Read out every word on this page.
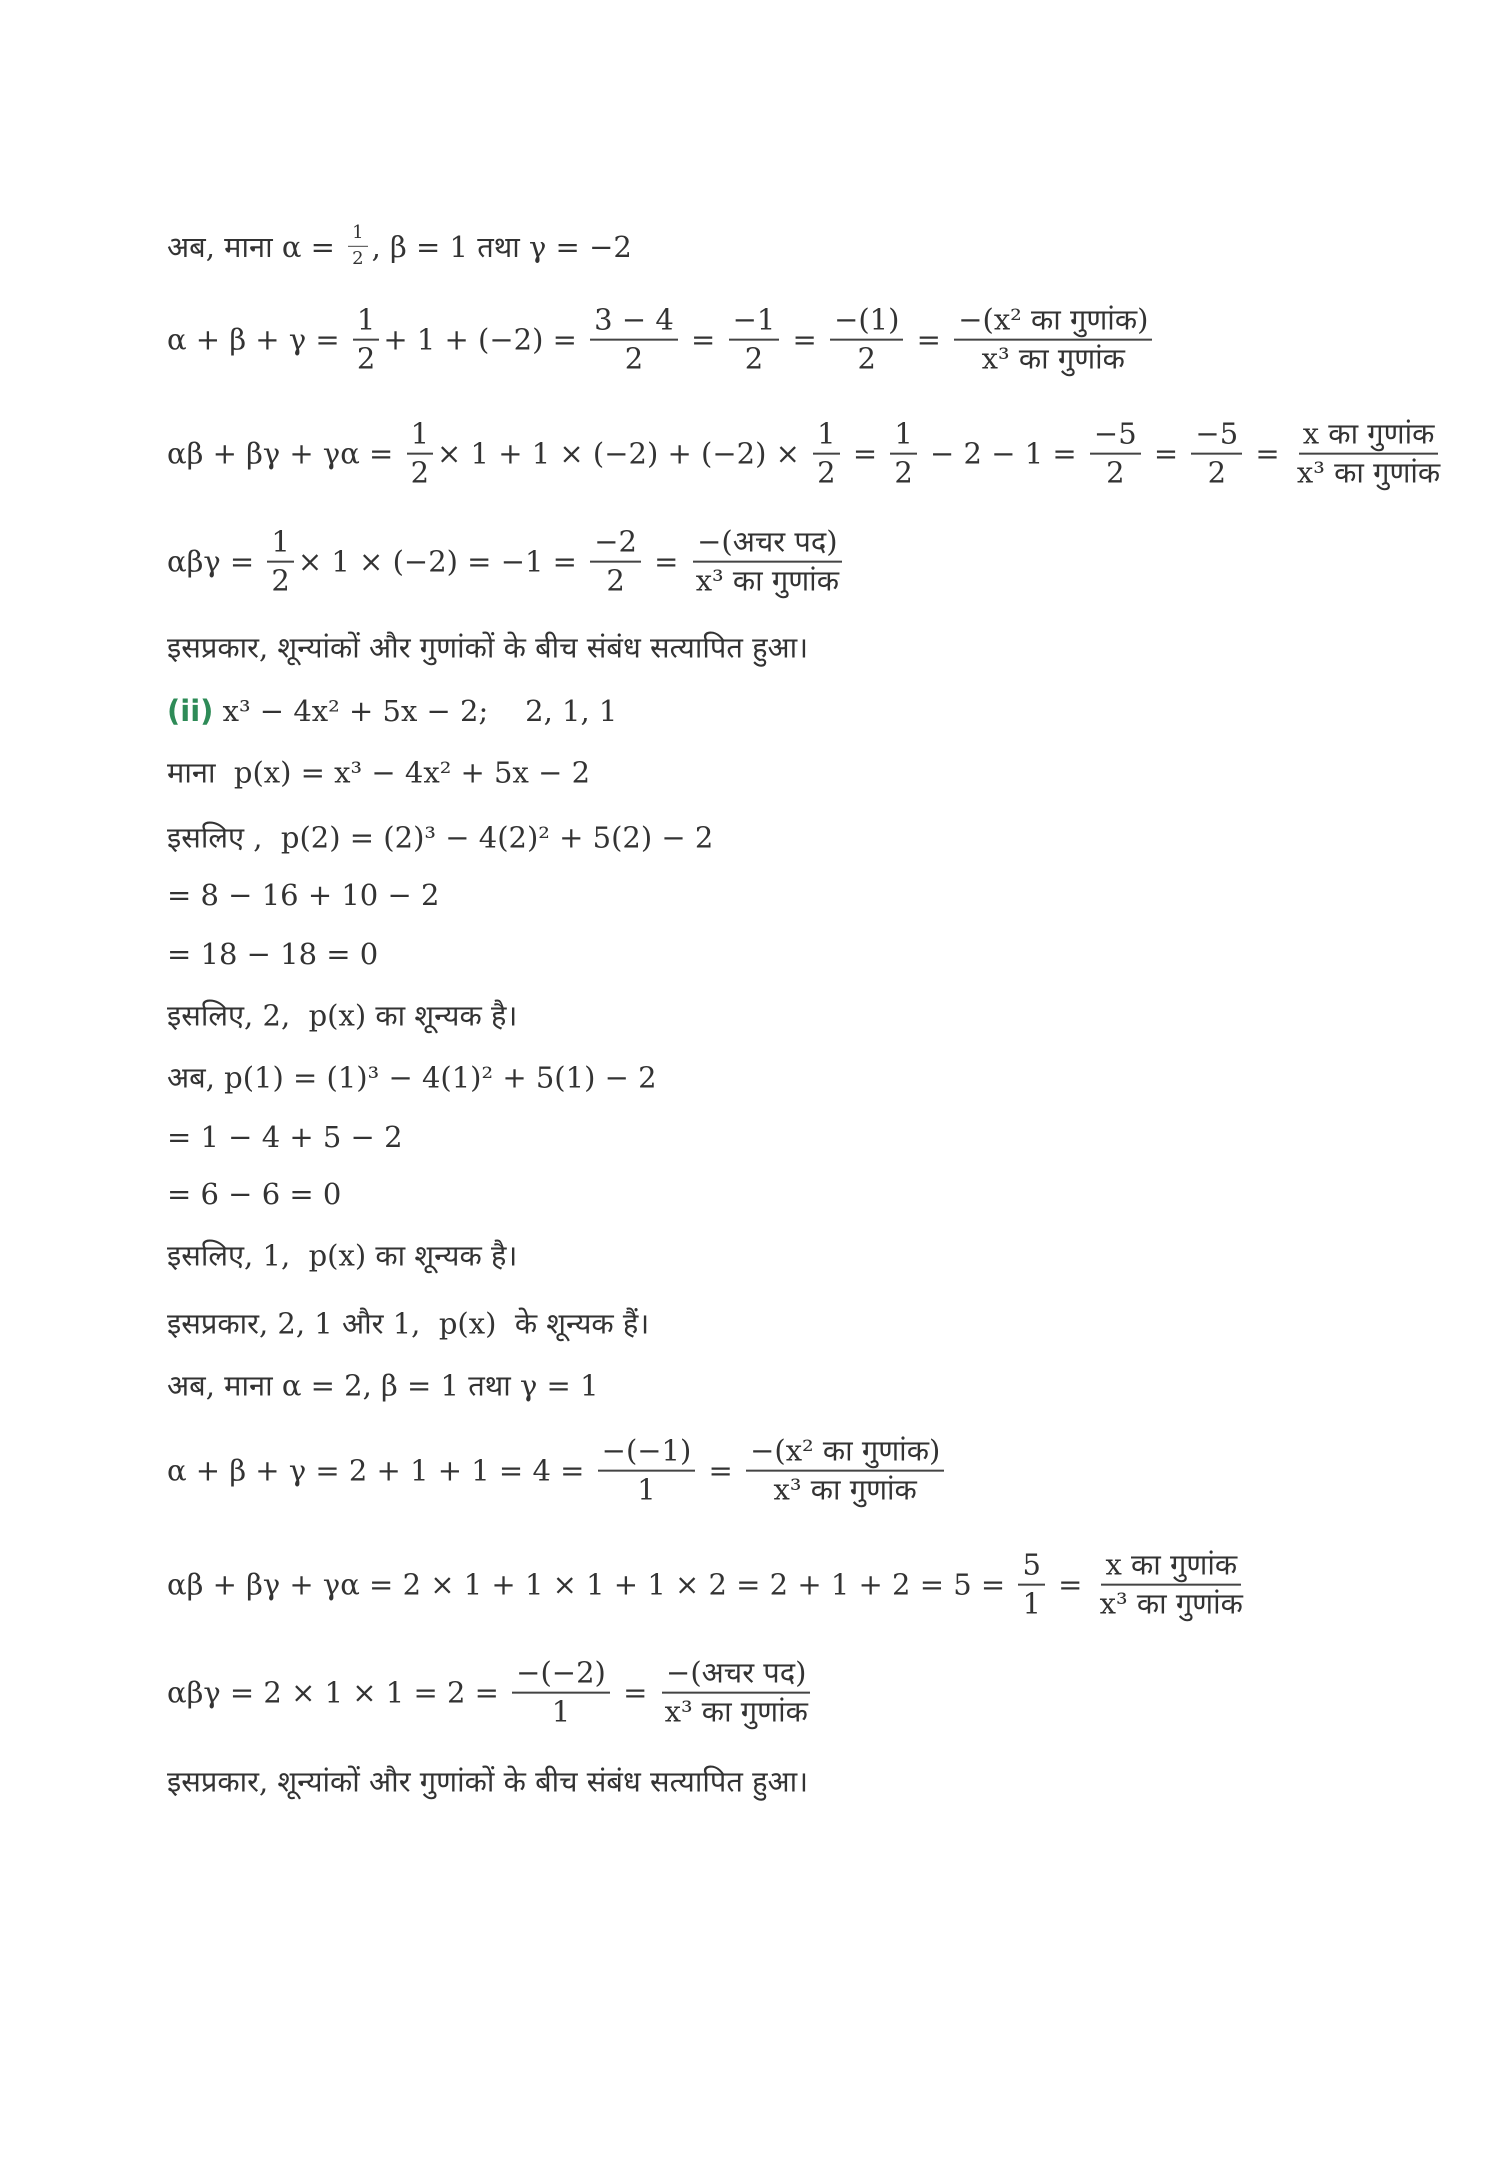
अब, माना $\alpha = \frac{1}{2}$ , β = 1 तथा γ = −2
$\alpha + \beta + \gamma = \frac{1}{2} + 1 + (-2) = \frac{3 - 4}{2} = \frac{-1}{2} = \frac{-(1)}{2} = \frac{\text{−(x² का गुणांक)}}{\text{x³ का गुणांक}}$
$\alpha\beta + \beta\gamma + \gamma\alpha = \frac{1}{2} \times 1 + 1 \times (-2) + (-2) \times \frac{1}{2} = \frac{1}{2} - 2 - 1 = \frac{-5}{2} = \frac{-5}{2} = \frac{\text{x का गुणांक}}{\text{x³ का गुणांक}}$
$\alpha\beta\gamma = \frac{1}{2} \times 1 \times (-2) = -1 = \frac{-2}{2} = \frac{\text{−(अचर पद)}}{\text{x³ का गुणांक}}$
इसप्रकार, शून्यांकों और गुणांकों के बीच संबंध सत्यापित हुआ।
(ii) x³ − 4x² + 5x − 2;    2, 1, 1
माना  p(x) = x³ − 4x² + 5x − 2
इसलिए ,  p(2) = (2)³ − 4(2)² + 5(2) − 2
= 8 − 16 + 10 − 2
= 18 − 18 = 0
इसलिए, 2,  p(x) का शून्यक है।
अब, p(1) = (1)³ − 4(1)² + 5(1) − 2
= 1 − 4 + 5 − 2
= 6 − 6 = 0
इसलिए, 1,  p(x) का शून्यक है।
इसप्रकार, 2, 1 और 1,  p(x)  के शून्यक हैं।
अब, माना α = 2, β = 1 तथा γ = 1
$\alpha + \beta + \gamma = 2 + 1 + 1 = 4 = \frac{-(-1)}{1} = \frac{\text{−(x² का गुणांक)}}{\text{x³ का गुणांक}}$
$\alpha\beta + \beta\gamma + \gamma\alpha = 2 \times 1 + 1 \times 1 + 1 \times 2 = 2 + 1 + 2 = 5 = \frac{5}{1} = \frac{\text{x का गुणांक}}{\text{x³ का गुणांक}}$
$\alpha\beta\gamma = 2 \times 1 \times 1 = 2 = \frac{-(-2)}{1} = \frac{\text{−(अचर पद)}}{\text{x³ का गुणांक}}$
इसप्रकार, शून्यांकों और गुणांकों के बीच संबंध सत्यापित हुआ।
